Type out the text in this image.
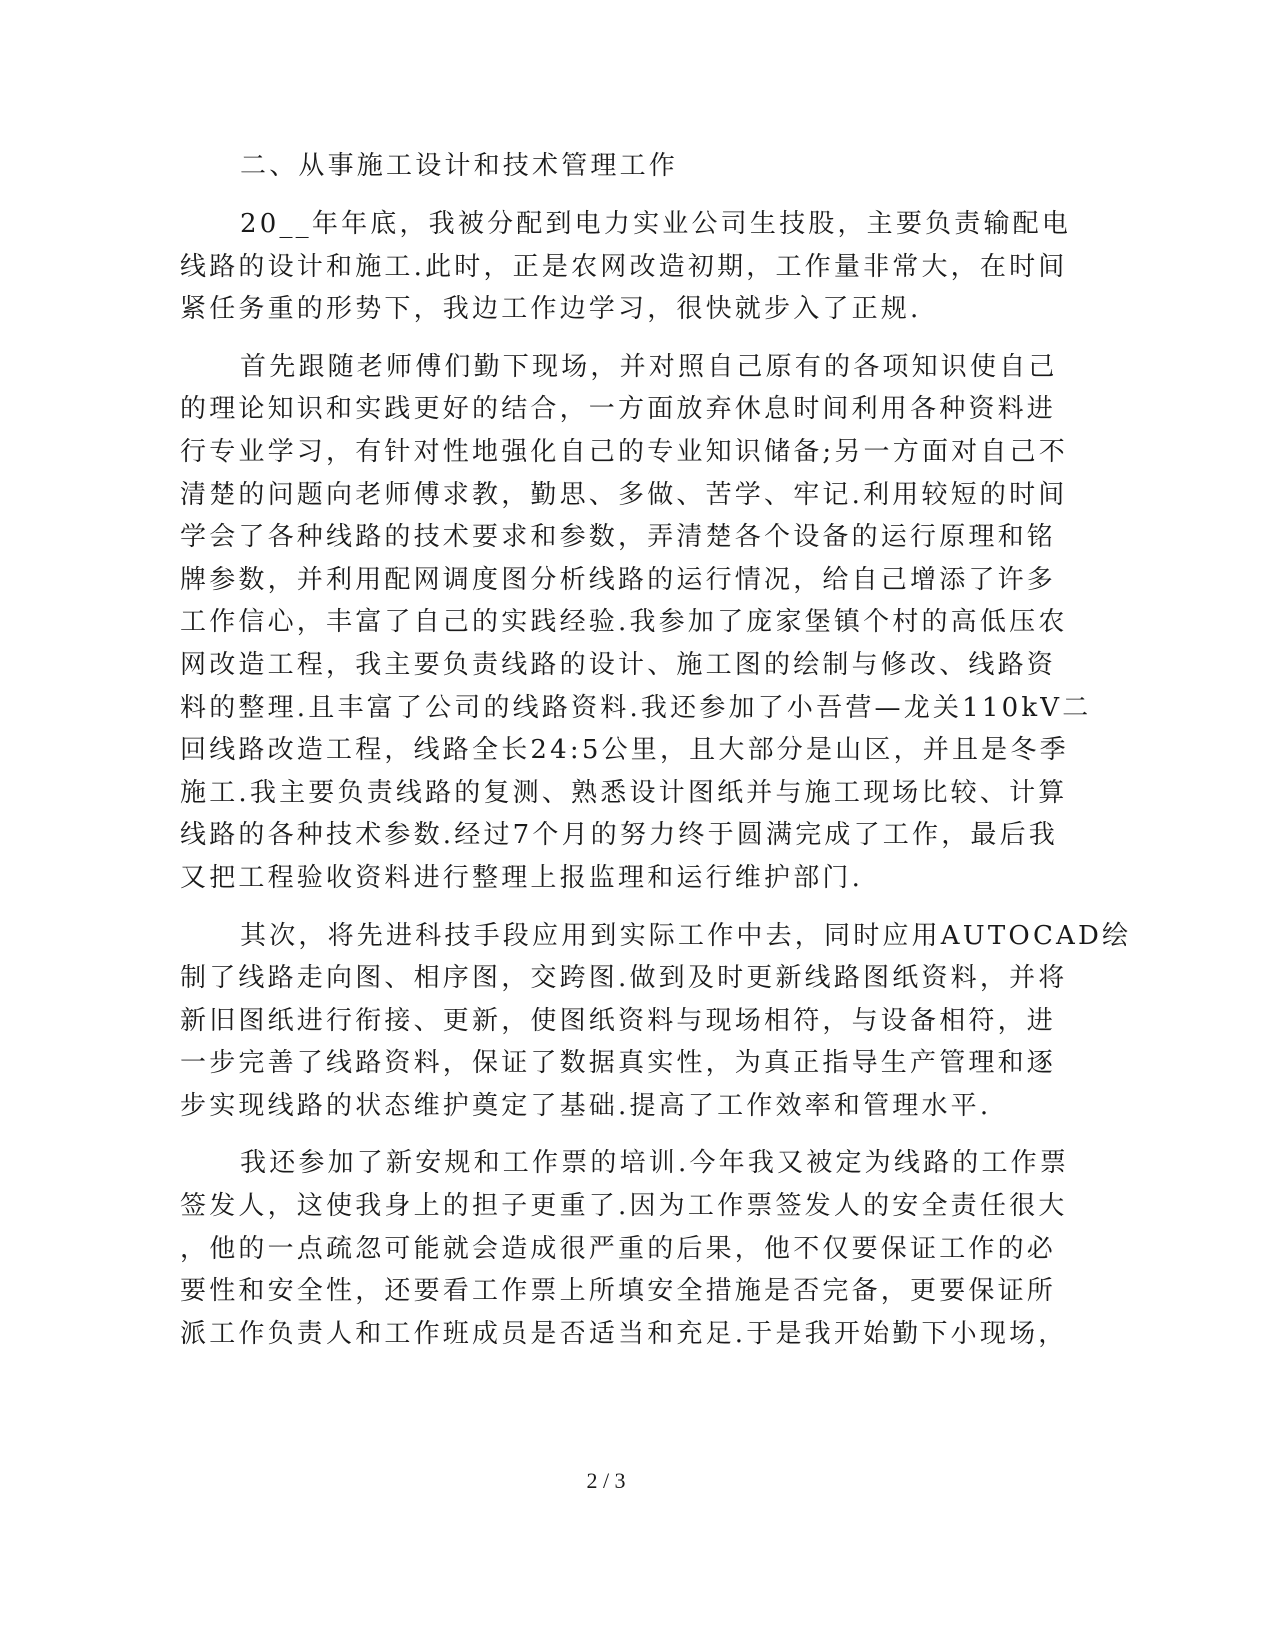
二、从事施工设计和技术管理工作
20__年年底，我被分配到电力实业公司生技股，主要负责输配电
线路的设计和施工.此时，正是农网改造初期，工作量非常大，在时间
紧任务重的形势下，我边工作边学习，很快就步入了正规.
首先跟随老师傅们勤下现场，并对照自己原有的各项知识使自己
的理论知识和实践更好的结合，一方面放弃休息时间利用各种资料进
行专业学习，有针对性地强化自己的专业知识储备;另一方面对自己不
清楚的问题向老师傅求教，勤思、多做、苦学、牢记.利用较短的时间
学会了各种线路的技术要求和参数，弄清楚各个设备的运行原理和铭
牌参数，并利用配网调度图分析线路的运行情况，给自己增添了许多
工作信心，丰富了自己的实践经验.我参加了庞家堡镇个村的高低压农
网改造工程，我主要负责线路的设计、施工图的绘制与修改、线路资
料的整理.且丰富了公司的线路资料.我还参加了小吾营—龙关110kV二
回线路改造工程，线路全长24:5公里，且大部分是山区，并且是冬季
施工.我主要负责线路的复测、熟悉设计图纸并与施工现场比较、计算
线路的各种技术参数.经过7个月的努力终于圆满完成了工作，最后我
又把工程验收资料进行整理上报监理和运行维护部门.
其次，将先进科技手段应用到实际工作中去，同时应用AUTOCAD绘
制了线路走向图、相序图，交跨图.做到及时更新线路图纸资料，并将
新旧图纸进行衔接、更新，使图纸资料与现场相符，与设备相符，进
一步完善了线路资料，保证了数据真实性，为真正指导生产管理和逐
步实现线路的状态维护奠定了基础.提高了工作效率和管理水平.
我还参加了新安规和工作票的培训.今年我又被定为线路的工作票
签发人，这使我身上的担子更重了.因为工作票签发人的安全责任很大
，他的一点疏忽可能就会造成很严重的后果，他不仅要保证工作的必
要性和安全性，还要看工作票上所填安全措施是否完备，更要保证所
派工作负责人和工作班成员是否适当和充足.于是我开始勤下小现场，
2 / 3
